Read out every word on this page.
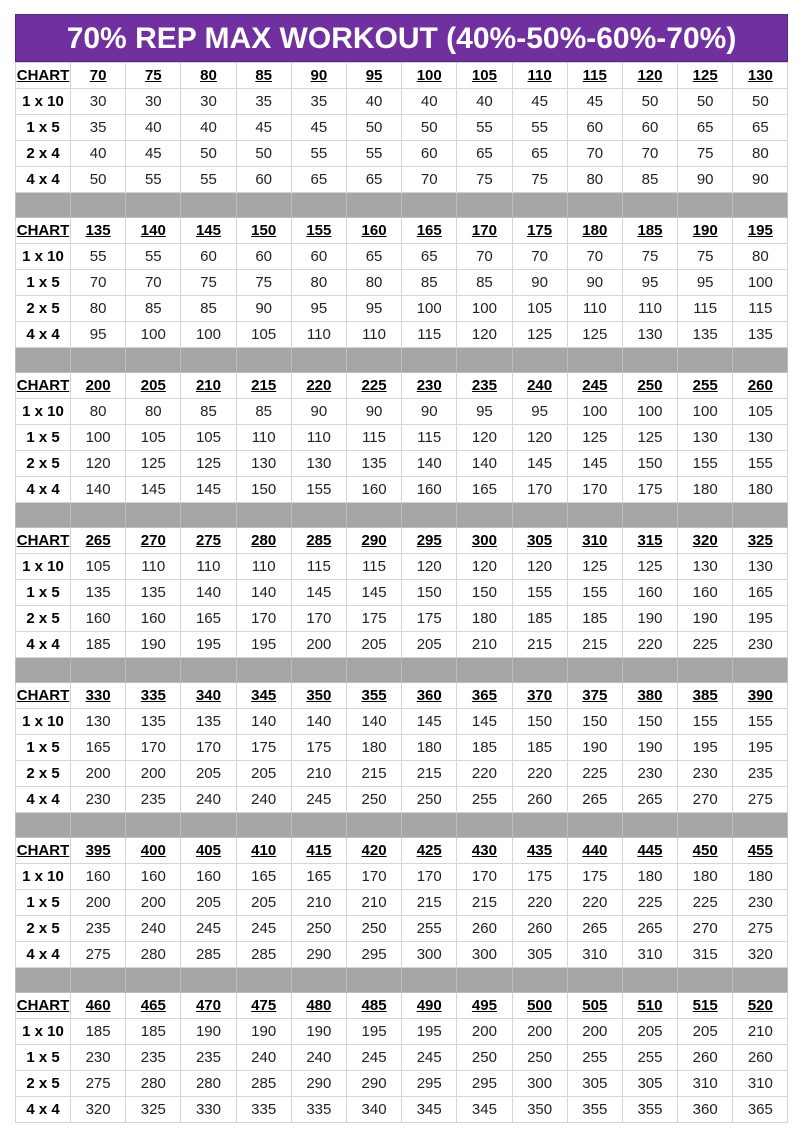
70% REP MAX WORKOUT (40%-50%-60%-70%)
CHART	70	75	80	85	90	95	100	105	110	115	120	125	130
1 x 10	30	30	30	35	35	40	40	40	45	45	50	50	50
1 x 5	35	40	40	45	45	50	50	55	55	60	60	65	65
2 x 4	40	45	50	50	55	55	60	65	65	70	70	75	80
4 x 4	50	55	55	60	65	65	70	75	75	80	85	90	90

CHART	135	140	145	150	155	160	165	170	175	180	185	190	195
1 x 10	55	55	60	60	60	65	65	70	70	70	75	75	80
1 x 5	70	70	75	75	80	80	85	85	90	90	95	95	100
2 x 5	80	85	85	90	95	95	100	100	105	110	110	115	115
4 x 4	95	100	100	105	110	110	115	120	125	125	130	135	135

CHART	200	205	210	215	220	225	230	235	240	245	250	255	260
1 x 10	80	80	85	85	90	90	90	95	95	100	100	100	105
1 x 5	100	105	105	110	110	115	115	120	120	125	125	130	130
2 x 5	120	125	125	130	130	135	140	140	145	145	150	155	155
4 x 4	140	145	145	150	155	160	160	165	170	170	175	180	180

CHART	265	270	275	280	285	290	295	300	305	310	315	320	325
1 x 10	105	110	110	110	115	115	120	120	120	125	125	130	130
1 x 5	135	135	140	140	145	145	150	150	155	155	160	160	165
2 x 5	160	160	165	170	170	175	175	180	185	185	190	190	195
4 x 4	185	190	195	195	200	205	205	210	215	215	220	225	230

CHART	330	335	340	345	350	355	360	365	370	375	380	385	390
1 x 10	130	135	135	140	140	140	145	145	150	150	150	155	155
1 x 5	165	170	170	175	175	180	180	185	185	190	190	195	195
2 x 5	200	200	205	205	210	215	215	220	220	225	230	230	235
4 x 4	230	235	240	240	245	250	250	255	260	265	265	270	275

CHART	395	400	405	410	415	420	425	430	435	440	445	450	455
1 x 10	160	160	160	165	165	170	170	170	175	175	180	180	180
1 x 5	200	200	205	205	210	210	215	215	220	220	225	225	230
2 x 5	235	240	245	245	250	250	255	260	260	265	265	270	275
4 x 4	275	280	285	285	290	295	300	300	305	310	310	315	320

CHART	460	465	470	475	480	485	490	495	500	505	510	515	520
1 x 10	185	185	190	190	190	195	195	200	200	200	205	205	210
1 x 5	230	235	235	240	240	245	245	250	250	255	255	260	260
2 x 5	275	280	280	285	290	290	295	295	300	305	305	310	310
4 x 4	320	325	330	335	335	340	345	345	350	355	355	360	365
